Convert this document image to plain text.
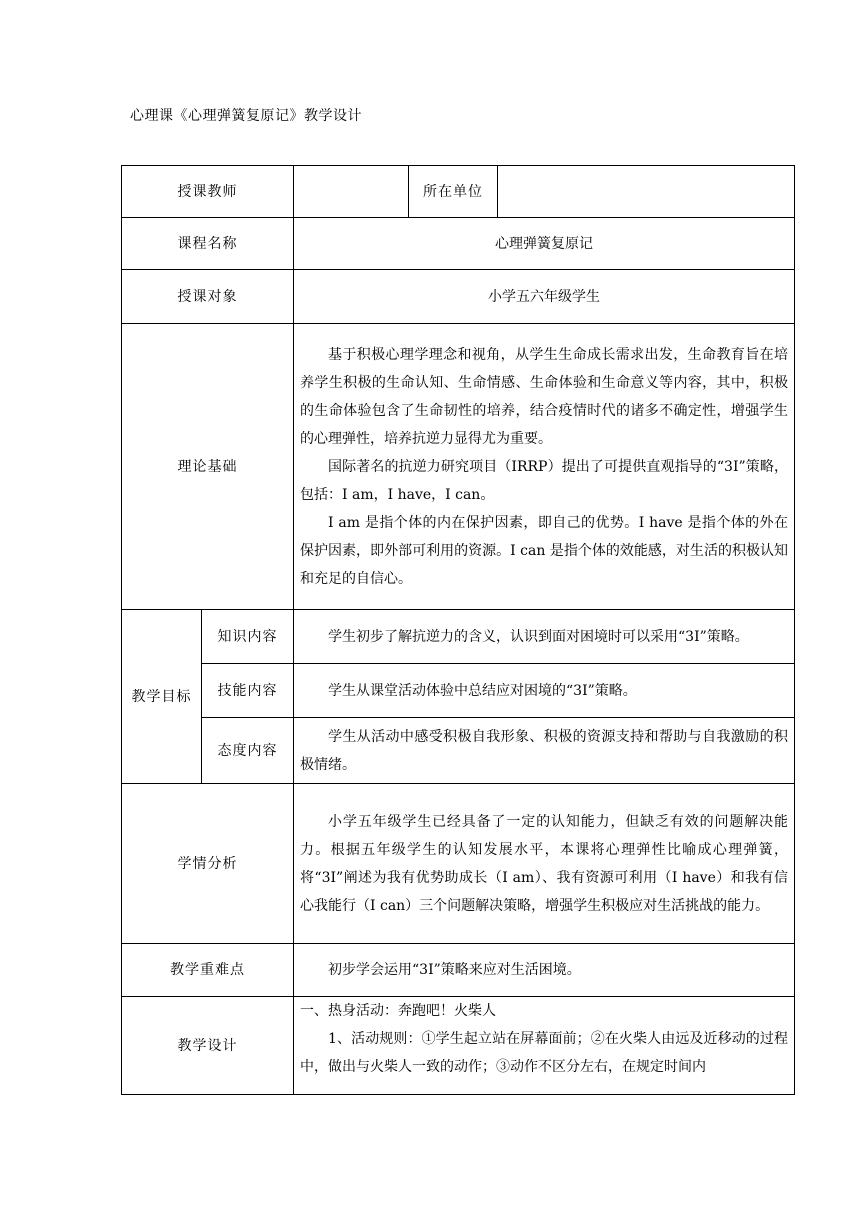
心理课《心理弹簧复原记》教学设计
授课教师			所在单位	
课程名称		心理弹簧复原记		
授课对象		小学五六年级学生		
理论基础		基于积极心理学理念和视角，从学生生命成长需求出发，生命教育旨在培养学生积极的生命认知、生命情感、生命体验和生命意义等内容，其中，积极的生命体验包含了生命韧性的培养，结合疫情时代的诸多不确定性，增强学生的心理弹性，培养抗逆力显得尤为重要。

国际著名的抗逆力研究项目（IRRP）提出了可提供直观指导的“3I”策略，包括：I am，I have，I can。

I am 是指个体的内在保护因素，即自己的优势。I have 是指个体的外在保护因素，即外部可利用的资源。I can 是指个体的效能感，对生活的积极认知和充足的自信心。		

教学目标	知识内容	学生初步了解抗逆力的含义，认识到面对困境时可以采用“3I”策略。		

	技能内容	学生从课堂活动体验中总结应对困境的“3I”策略。		

	态度内容	学生从活动中感受积极自我形象、积极的资源支持和帮助与自我激励的积极情绪。		

学情分析		小学五年级学生已经具备了一定的认知能力，但缺乏有效的问题解决能力。根据五年级学生的认知发展水平，本课将心理弹性比喻成心理弹簧，将“3I”阐述为我有优势助成长（I am）、我有资源可利用（I have）和我有信心我能行（I can）三个问题解决策略，增强学生积极应对生活挑战的能力。		

教学重难点		初步学会运用“3I”策略来应对生活困境。		

教学设计		一、热身活动：奔跑吧！火柴人

1、活动规则：①学生起立站在屏幕面前；②在火柴人由远及近移动的过程中，做出与火柴人一致的动作；③动作不区分左右，在规定时间内		
